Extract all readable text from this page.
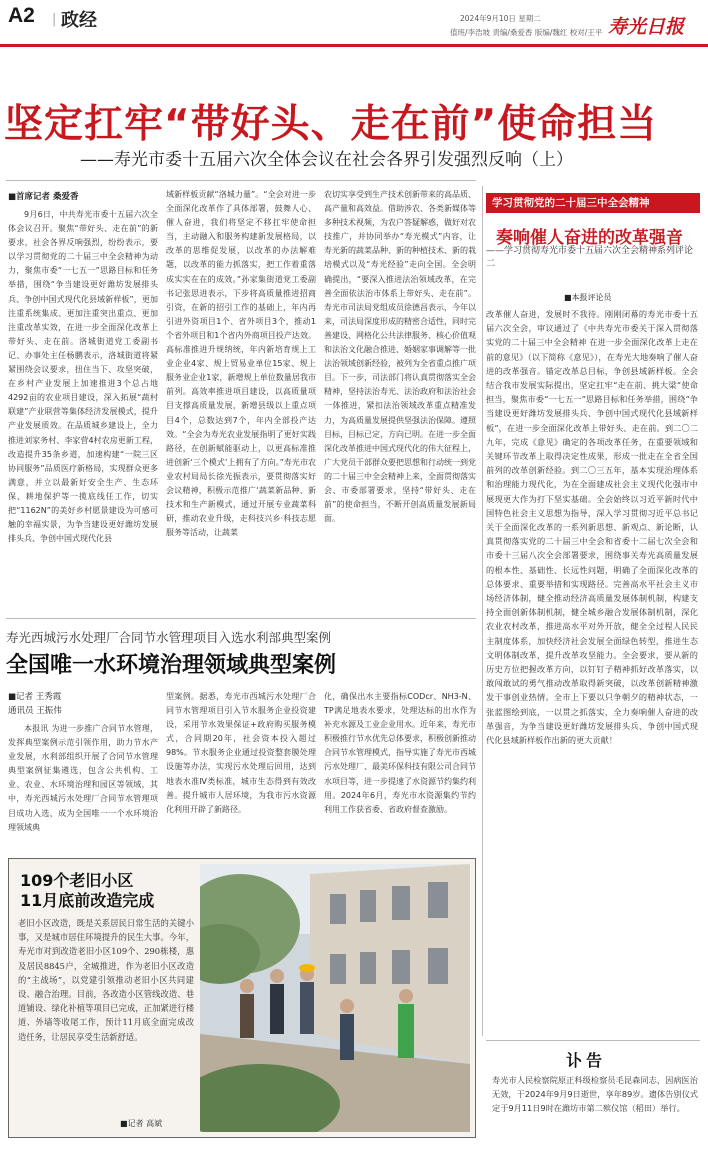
A2 | 政经	2024年9月10日 星期二
值班/李浩坡 责编/桑爱香 版编/魏红 校对/王平 寿光日报
坚定扛牢“带好头、走在前”使命担当
——寿光市委十五届六次全体会议在社会各界引发强烈反响（上）
■首席记者 桑爱香
9月6日，中共寿光市委十五届六次全体会议召开。聚焦“带好头、走在前”的新要求，社会各界反响强烈，纷纷表示，要以学习贯彻党的二十届三中全会精神为动力，聚焦市委“一七五一”思路目标和任务举措，围绕“争当建设更好潍坊发展排头兵、争创中国式现代化县域新样板”，更加注重系统集成、更加注重突出重点、更加注重改革实效，在进一步全面深化改革上带好头、走在前。洛城街道党工委副书记、办事处主任杨鹏表示，洛城街道将紧紧围绕会议要求，扭住当下、攻坚突破，在乡村产业发展上加速推进3个总占地4292亩的农业项目建设，深入拓展“蔬村联建”产业联营等集体经济发展模式，提升产业发展质效。在品质城乡建设上，全力推进刘家务村、李家营4村农房更新工程，改造提升35条乡道，加速构建“一院三区 协同服务”品质医疗新格局，实现群众更多满意，并立以最新好安全生产、生态环保、耕地保护等一揽底线任工作，切实把“1162N”的美好乡村愿景建设为可感可触的幸福实景，为争当建设更好潍坊发展排头兵、争创中国式现代化县
域新样板贡献“洛城力量”。“全会对进一步全面深化改革作了具体部署，鼓舞人心、催人奋进，我们将坚定不移扛牢使命担当，主动融入和服务构建新发展格局，以改革的思维促发展，以改革的办法解难题，以改革的能力抓落实，把工作着重落成实实在在的成效。”孙家集街道党工委副书记张思进表示，下步将高质量推进招商引资，在新的招引工作的基础上，年内再引进外资项目1个、省外项目3个，推动1个省外项目和1个省内外商项目投产达效。高标准推进升规纳统，年内新培育规上工业企业4家、规上贸易业单位15家、规上服务业企业1家，新增规上单位数量居我市前列。高效率推进项目建设，以高质量项目支撑高质量发展，新增县级以上重点项目4个，总数达到7个，年内全部投产达效。“全会为寿光农业发展指明了更好实践路径，在创新赋能驱动上，以更高标准推进创新‘三个模式’上拥有了方向。”寿光市农业农村局局长徐光振表示，要贯彻落实好会议精神，积极示范推广‘蔬菜新品种、新技术和生产新模式，通过开展专业蔬菜科研，推动农业升级，走科技兴乡·科技志愿服务等活动，让蔬菜
农切实享受到生产技术创新带来的高品质、高产量和高效益。借助涉农、各类新媒体等多种技术视频，为农户答疑解惑，做好对农技推广，并协同举办“寿光模式”内容，让寿光新的蔬菜品种、新的种植技术、新的栽培模式以及“寿光经验”走向全国。全会明确提出，“要深入推进法治领域改革，在完善全面依法治市体系上带好头、走在前”。寿光市司法局党组成员徐德昌表示，今年以来，司法局深度形成的精密合适性，同时完善建设、网格化公共法律服务、核心价值观和法治文化融合推进、婚姻家事调解等一批法治领域创新经验，被列为全省重点推广项目。下一步，司法部门将认真贯彻落实全会精神，坚持法治寿光、法治政府和法治社会一体推进，紧扣法治领域改革重点精准发力，为高质量发展提供坚强法治保障。遵照目标，目标已定，方向已明。在进一步全面深化改革推进中国式现代化的伟大征程上，广大党员干部群众要把思想和行动统一到党的二十届三中全会精神上来，全面贯彻落实会、市委部署要求，坚持“带好头、走在前”的使命担当，不断开创高质量发展新局面。
学习贯彻党的二十届三中全会精神
奏响催人奋进的改革强音
——学习贯彻寿光市委十五届六次全会精神系列评论二
■本报评论员
改革催人奋进，发展时不我待。刚刚闭幕的寿光市委十五届六次全会，审议通过了《中共寿光市委关于深入贯彻落实党的二十届三中全会精神 在进一步全面深化改革上走在前的意见》（以下简称《意见》），在寿光大地奏响了催人奋进的改革强音。锚定改革总目标，争创县域新样板。全会结合我市发展实际提出，坚定扛牢“走在前、挑大梁”使命担当，聚焦市委“一七五一”思路目标和任务举措，围绕“争当建设更好潍坊发展排头兵、争创中国式现代化县域新样板”，在进一步全面深化改革上带好头、走在前。到二〇二九年，完成《意见》确定的各项改革任务，在重要领域和关键环节改革上取得决定性成果，形成一批走在全省全国前列的改革创新经验。到二〇三五年，基本实现治理体系和治理能力现代化，为在全面建成社会主义现代化强市中展现更大作为打下坚实基础。全会始终以习近平新时代中国特色社会主义思想为指导，深入学习贯彻习近平总书记关于全面深化改革的一系列新思想、新观点、新论断，认真贯彻落实党的二十届三中全会和省委十二届七次全会和市委十三届八次全会部署要求，围绕事关寿光高质量发展的根本性、基础性、长远性问题，明确了全面深化改革的总体要求、重要举措和实现路径。完善高水平社会主义市场经济体制，健全推动经济高质量发展体制机制，构建支持全面创新体制机制，健全城乡融合发展体制机制，深化农业农村改革，推进高水平对外开放，健全全过程人民民主制度体系，加快经济社会发展全面绿色转型，推进生态文明体制改革，提升改革攻坚能力。全会要求，要从新的历史方位把握改革方向，以钉钉子精神抓好改革落实，以敢闯敢试的勇气推动改革取得新突破，以改革创新精神激发干事创业热情。全市上下要以只争朝夕的精神状态，一张蓝图绘到底，一以贯之抓落实，全力奏响催人奋进的改革强音，为争当建设更好潍坊发展排头兵、争创中国式现代化县域新样板作出新的更大贡献！
寿光西城污水处理厂合同节水管理项目入选水利部典型案例
全国唯一水环境治理领域典型案例
■记者 王秀霞
通讯员 王振伟
本报讯 为进一步推广合同节水管理，发挥典型案例示范引领作用，助力节水产业发展，水利部组织开展了合同节水管理典型案例征集遴选，包含公共机构、工业、农业、水环境治理和园区等领域，其中，寿光西城污水处理厂合同节水管理项目成功入选，成为全国唯一一个水环境治理领域典
型案例。据悉，寿光市西城污水处理厂合同节水管理项目引入节水服务企业投资建设，采用节水效果保证+政府购买服务模式，合同期20年，社会资本投入超过98%。节水服务企业通过投资整套膜处理设施等办法，实现污水处理后回用，达到地表水准Ⅳ类标准，城市生态得到有效改善。提升城市人居环境，为我市污水资源化利用开辟了新路径。
化，确保出水主要指标CODcr、NH3-N、TP满足地表水要求，处理达标的出水作为补充水源及工业企业用水。近年来，寿光市积极推行节水优先总体要求，积极创新推动合同节水管理模式，指导实施了寿光市西城污水处理厂、最美环保科技有限公司合同节水项目等，进一步提速了水资源节约集约利用。2024年6月，寿光市水资源集约节约利用工作获省委、省政府督查激励。
109个老旧小区
11月底前改造完成
老旧小区改造，既是关系居民日常生活的关键小事，又是城市居住环境提升的民生大事。今年，寿光市对到改造老旧小区109个、290栋楼，惠及居民8845户，全城推进，作为老旧小区改造的“主战场”，以党建引领推动老旧小区共同建设、融合治理。目前，各改造小区管线改造、巷道铺设、绿化补植等项目已完成，正加紧进行楼道、外墙等收尾工作，预计11月底全面完成改造任务，让居民享受生活新舒适。
■记者 高斌
讣告
寿光市人民检察院原正科级检察员毛昆森同志，因病医治无效，于2024年9月9日逝世，享年89岁。遗体告别仪式定于9月11日9时在潍坊市第二殡仪馆（稻田）举行。
